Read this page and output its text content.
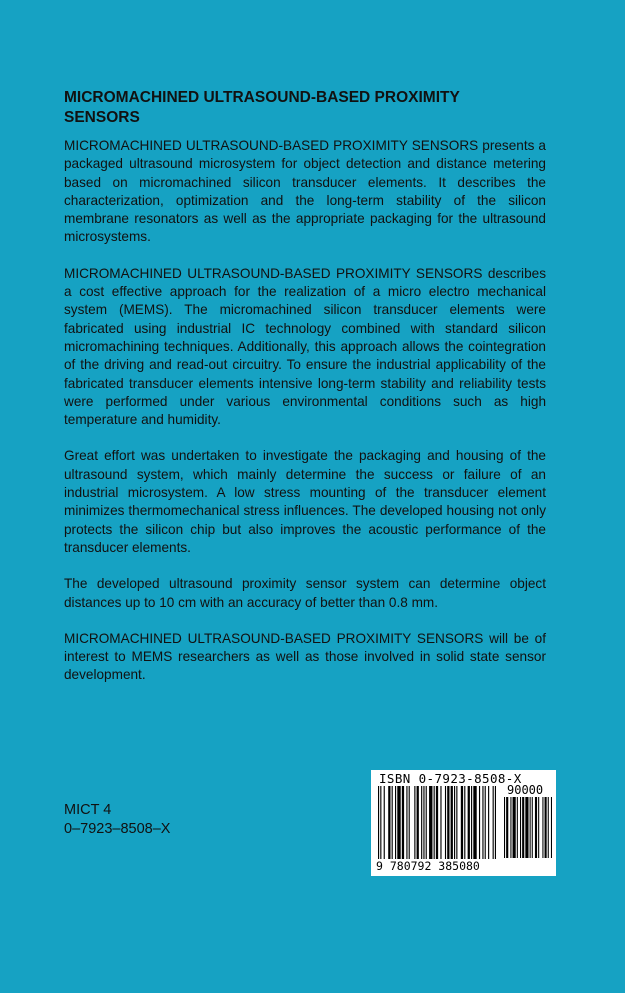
MICROMACHINED ULTRASOUND-BASED PROXIMITY SENSORS

MICROMACHINED ULTRASOUND-BASED PROXIMITY SENSORS presents a packaged ultrasound microsystem for object detection and distance metering based on micromachined silicon transducer elements. It describes the characterization, optimization and the long-term stability of the silicon membrane resonators as well as the appropriate packaging for the ultrasound microsystems.

MICROMACHINED ULTRASOUND-BASED PROXIMITY SENSORS describes a cost effective approach for the realization of a micro electro mechanical system (MEMS). The micromachined silicon transducer elements were fabricated using industrial IC technology combined with standard silicon micromachining techniques. Additionally, this approach allows the cointegration of the driving and read-out circuitry. To ensure the industrial applicability of the fabricated transducer elements intensive long-term stability and reliability tests were performed under various environmental conditions such as high temperature and humidity.

Great effort was undertaken to investigate the packaging and housing of the ultrasound system, which mainly determine the success or failure of an industrial microsystem. A low stress mounting of the transducer element minimizes thermomechanical stress influences. The developed housing not only protects the silicon chip but also improves the acoustic performance of the transducer elements.

The developed ultrasound proximity sensor system can determine object distances up to 10 cm with an accuracy of better than 0.8 mm.

MICROMACHINED ULTRASOUND-BASED PROXIMITY SENSORS will be of interest to MEMS researchers as well as those involved in solid state sensor development.

MICT 4
0–7923–8508–X
ISBN 0-7923-8508-X
90000
9 780792 385080
